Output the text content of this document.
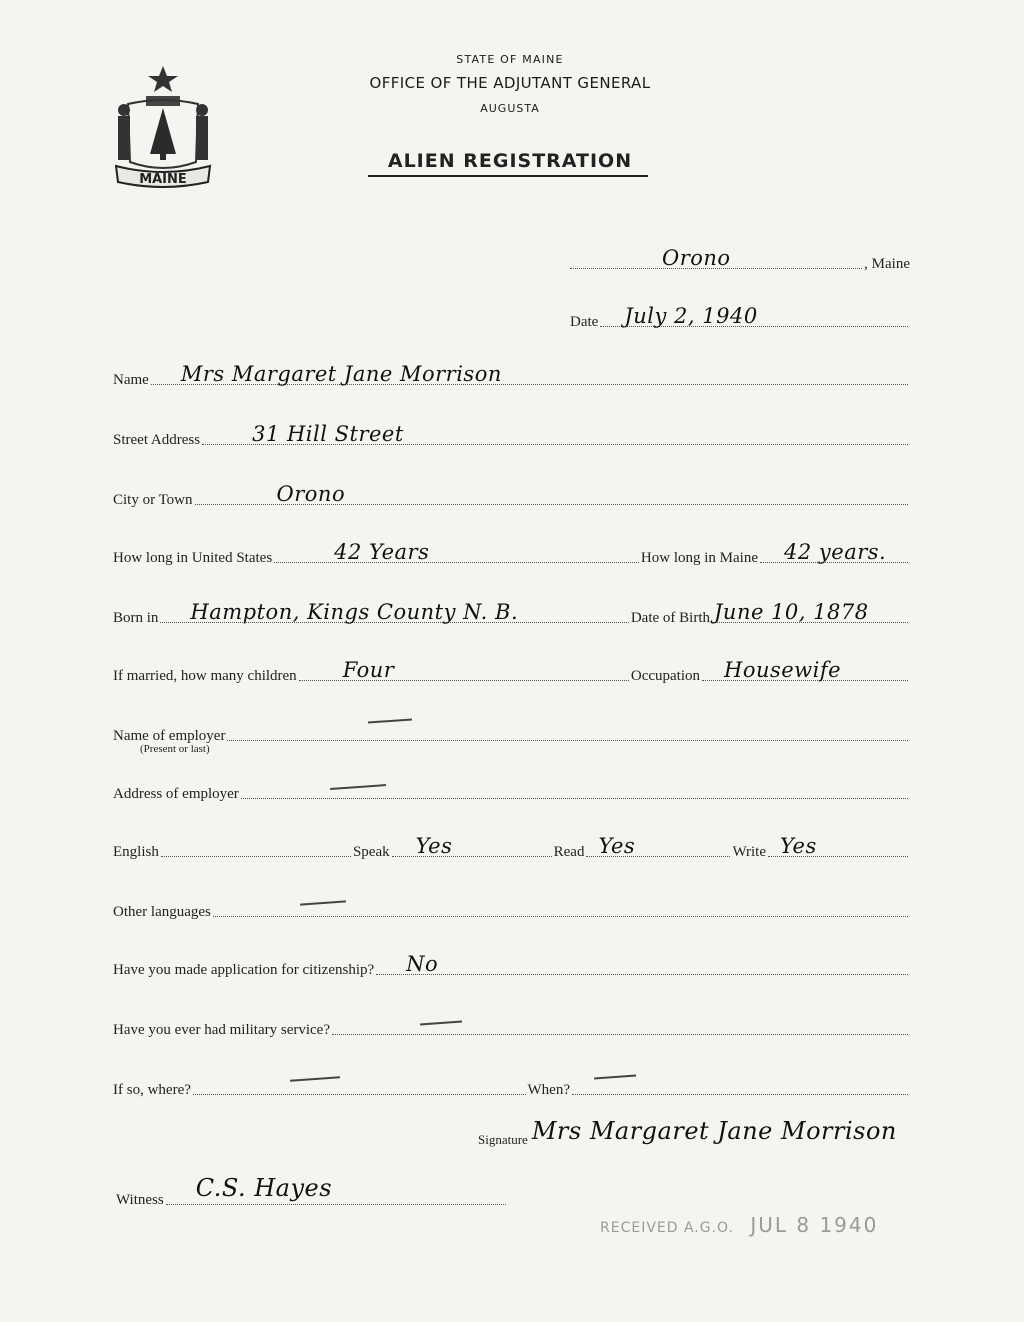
MAINE
STATE OF MAINE
OFFICE OF THE ADJUTANT GENERAL
AUGUSTA
ALIEN REGISTRATION
Orono	, Maine
Date July 2, 1940
Name Mrs Margaret Jane Morrison
Street Address 31 Hill Street
City or Town	Orono
How long in United States	42 Years	How long in Maine 42 years.
Born in Hampton, Kings County N. B.	Date of Birth June 10, 1878
If married, how many children Four	Occupation Housewife
Name of employer
(Present or last)
Address of employer
English	Speak Yes	Read Yes	Write Yes
Other languages
Have you made application for citizenship? No
Have you ever had military service?
If so, where?	When?
Signature Mrs Margaret Jane Morrison
Witness C.S. Hayes
RECEIVED A.G.O. JUL 8 1940
